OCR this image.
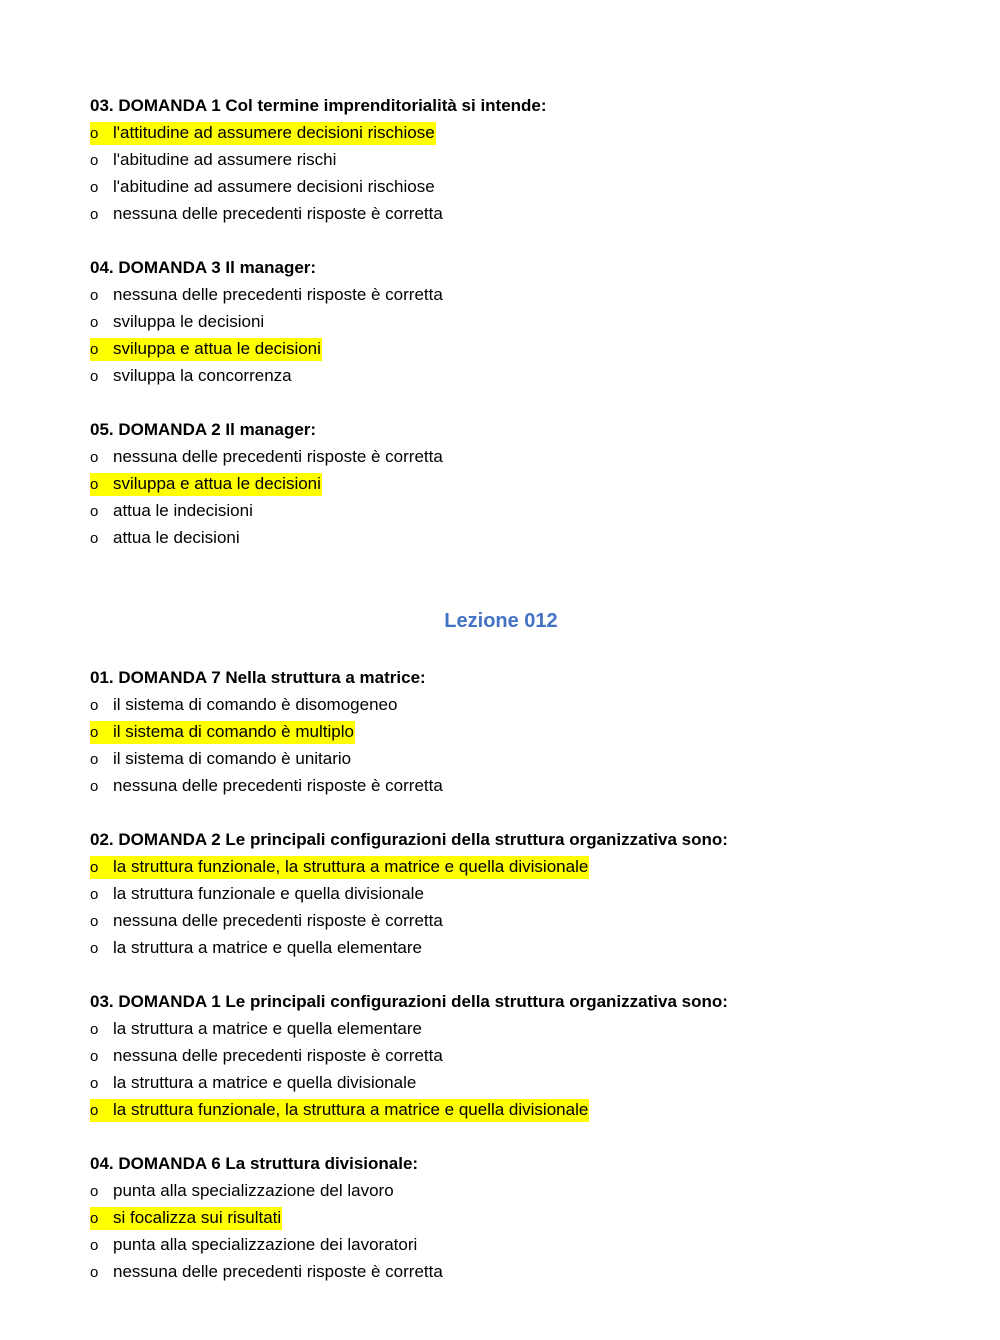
03. DOMANDA 1 Col termine imprenditorialità si intende:
o l'attitudine ad assumere decisioni rischiose
o l'abitudine ad assumere rischi
o l'abitudine ad assumere decisioni rischiose
o nessuna delle precedenti risposte è corretta
04. DOMANDA 3 Il manager:
o nessuna delle precedenti risposte è corretta
o sviluppa le decisioni
o sviluppa e attua le decisioni
o sviluppa la concorrenza
05. DOMANDA 2 Il manager:
o nessuna delle precedenti risposte è corretta
o sviluppa e attua le decisioni
o attua le indecisioni
o attua le decisioni
Lezione 012
01. DOMANDA 7 Nella struttura a matrice:
o il sistema di comando è disomogeneo
o il sistema di comando è multiplo
o il sistema di comando è unitario
o nessuna delle precedenti risposte è corretta
02. DOMANDA 2 Le principali configurazioni della struttura organizzativa sono:
o la struttura funzionale, la struttura a matrice e quella divisionale
o la struttura funzionale e quella divisionale
o nessuna delle precedenti risposte è corretta
o la struttura a matrice e quella elementare
03. DOMANDA 1 Le principali configurazioni della struttura organizzativa sono:
o la struttura a matrice e quella elementare
o nessuna delle precedenti risposte è corretta
o la struttura a matrice e quella divisionale
o la struttura funzionale, la struttura a matrice e quella divisionale
04. DOMANDA 6 La struttura divisionale:
o punta alla specializzazione del lavoro
o si focalizza sui risultati
o punta alla specializzazione dei lavoratori
o nessuna delle precedenti risposte è corretta
